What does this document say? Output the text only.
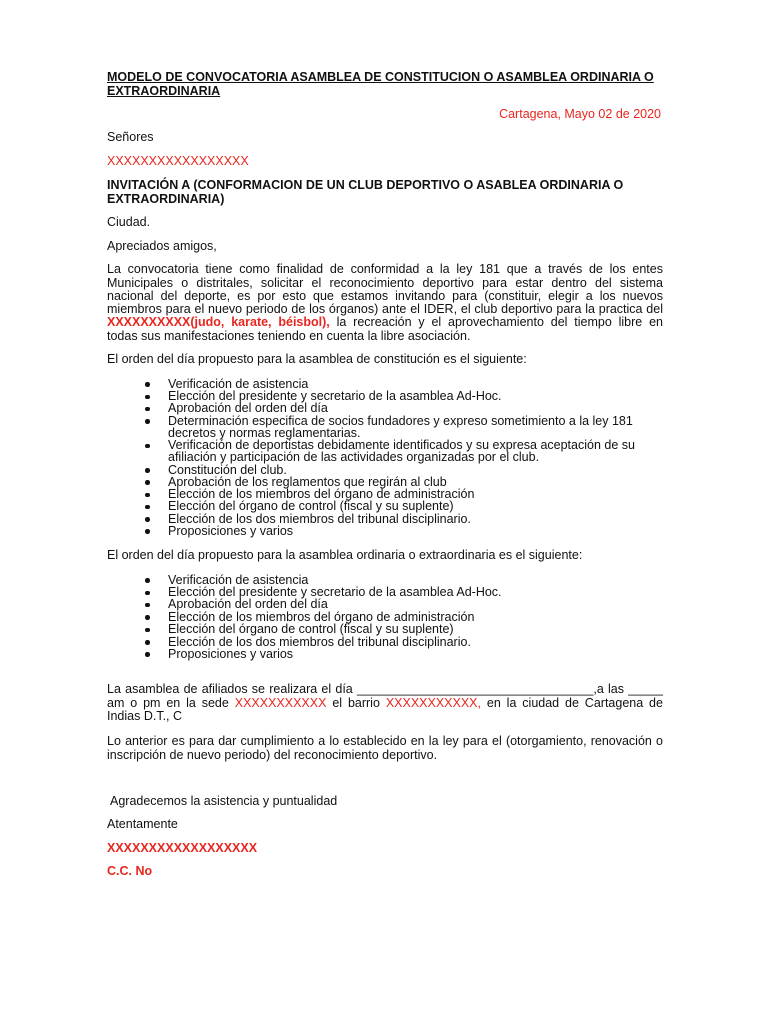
MODELO DE CONVOCATORIA ASAMBLEA DE CONSTITUCION O ASAMBLEA ORDINARIA O
EXTRAORDINARIA
Cartagena, Mayo 02 de 2020
Señores
XXXXXXXXXXXXXXXXX
INVITACIÓN A (CONFORMACION DE UN CLUB DEPORTIVO O ASABLEA ORDINARIA O
EXTRAORDINARIA)
Ciudad.
Apreciados amigos,
La convocatoria tiene como finalidad de conformidad a la ley 181 que a través de los entes
Municipales o distritales, solicitar el reconocimiento deportivo para estar dentro del sistema
nacional del deporte, es por esto que estamos invitando para (constituir, elegir a los nuevos
miembros para el nuevo periodo de los órganos) ante el IDER, el club deportivo para la practica del
XXXXXXXXXX(judo, karate, béisbol), la recreación y el aprovechamiento del tiempo libre en
todas sus manifestaciones teniendo en cuenta la libre asociación.
El orden del día propuesto para la asamblea de constitución es el siguiente:
Verificación de asistencia
Elección del presidente y secretario de la asamblea Ad-Hoc.
Aprobación del orden del día
Determinación especifica de socios fundadores y expreso sometimiento a la ley 181 decretos y normas reglamentarias.
Verificación de deportistas debidamente identificados y su expresa aceptación de su afiliación y participación de las actividades organizadas por el club.
Constitución del club.
Aprobación de los reglamentos que regirán al club
Elección de los miembros del órgano de administración
Elección del órgano de control (fiscal y su suplente)
Elección de los dos miembros del tribunal disciplinario.
Proposiciones y varios
El orden del día propuesto para la asamblea ordinaria o extraordinaria es el siguiente:
Verificación de asistencia
Elección del presidente y secretario de la asamblea Ad-Hoc.
Aprobación del orden del día
Elección de los miembros del órgano de administración
Elección del órgano de control (fiscal y su suplente)
Elección de los dos miembros del tribunal disciplinario.
Proposiciones y varios
La asamblea de afiliados se realizara el día __________________________________,a las _____
am o pm en la sede XXXXXXXXXXX el barrio XXXXXXXXXXX, en la ciudad de Cartagena de
Indias D.T., C
Lo anterior es para dar cumplimiento a lo establecido en la ley para el (otorgamiento, renovación o
inscripción de nuevo periodo) del reconocimiento deportivo.
Agradecemos la asistencia y puntualidad
Atentamente
XXXXXXXXXXXXXXXXXX
C.C. No
